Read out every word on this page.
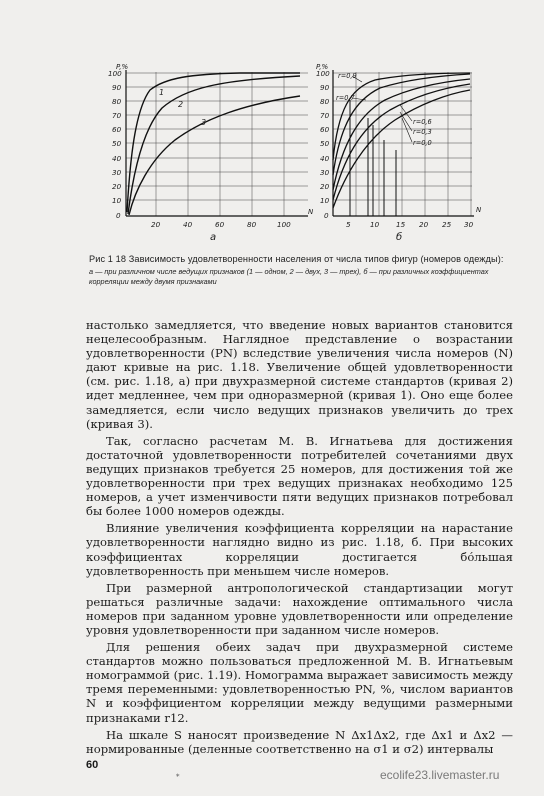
P,%
100
90
80
70
60
50
40
30
20
10
0
20	40	60	80	100
N
а
1
2
3
P,%
100
90
80
70
60
50
40
30
20
10
0
5	10 15 20 25 30
N
б
r=0,9
r=0,7
r=0,6
r=0,3
r=0,0
Рис 1 18 Зависимость удовлетворенности населения от числа типов фигур (номеров одежды):
а — при различном числе ведущих признаков (1 — одном, 2 — двух, 3 — трех), б — при различных коэффициентах корреляции между двумя признаками

настолько замедляется, что введение новых вариантов становится нецелесообразным. Наглядное представление о возрастании удовлетворенности (PN) вследствие увеличения числа номеров (N) дают кривые на рис. 1.18. Увеличение общей удовлетворенности (см. рис. 1.18, а) при двухразмерной системе стандартов (кривая 2) идет медленнее, чем при одноразмерной (кривая 1). Оно еще более замедляется, если число ведущих признаков увеличить до трех (кривая 3).

Так, согласно расчетам М. В. Игнатьева для достижения достаточной удовлетворенности потребителей сочетаниями двух ведущих признаков требуется 25 номеров, для достижения той же удовлетворенности при трех ведущих признаках необходимо 125 номеров, а учет изменчивости пяти ведущих признаков потребовал бы более 1000 номеров одежды.

Влияние увеличения коэффициента корреляции на нарастание удовлетворенности наглядно видно из рис. 1.18, б. При высоких коэффициентах корреляции достигается бо́льшая удовлетворенность при меньшем числе номеров.

При размерной антропологической стандартизации могут решаться различные задачи: нахождение оптимального числа номеров при заданном уровне удовлетворенности или определение уровня удовлетворенности при заданном числе номеров.

Для решения обеих задач при двухразмерной системе стандартов можно пользоваться предложенной М. В. Игнатьевым номограммой (рис. 1.19). Номограмма выражает зависимость между тремя переменными: удовлетворенностью PN, %, числом вариантов N и коэффициентом корреляции между ведущими размерными признаками r12.

На шкале S наносят произведение N Δx1Δx2, где Δx1 и Δx2 — нормированные (деленные соответственно на σ1 и σ2) интервалы

60
*	ecolife23.livemaster.ru
